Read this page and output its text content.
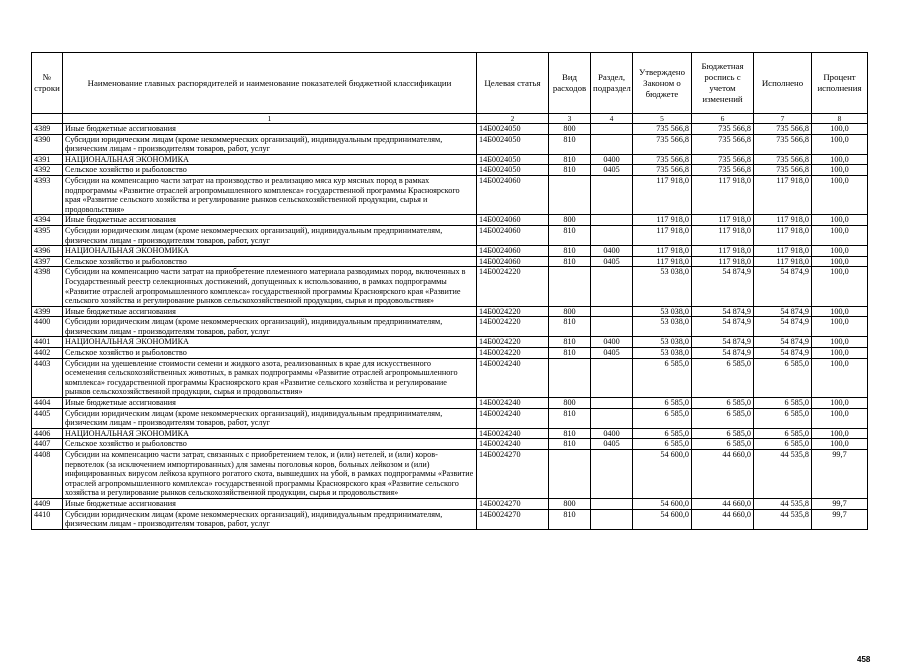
№ строки	Наименование главных распорядителей и наименование показателей бюджетной классификации	Целевая статья	Вид расходов	Раздел, подраздел	Утверждено Законом о бюджете	Бюджетная роспись с учетом изменений	Исполнено	Процент исполнения
	1	2	3	4	5	6	7	8
4389	Иные бюджетные ассигнования	14Б0024050	800		735 566,8	735 566,8	735 566,8	100,0
4390	Субсидии юридическим лицам (кроме некоммерческих организаций), индивидуальным предпринимателям, физическим лицам - производителям товаров, работ, услуг	14Б0024050	810		735 566,8	735 566,8	735 566,8	100,0
4391	НАЦИОНАЛЬНАЯ ЭКОНОМИКА	14Б0024050	810	0400	735 566,8	735 566,8	735 566,8	100,0
4392	Сельское хозяйство и рыболовство	14Б0024050	810	0405	735 566,8	735 566,8	735 566,8	100,0
4393	Субсидии на компенсацию части затрат на производство и реализацию мяса кур мясных пород в рамках подпрограммы «Развитие отраслей агропромышленного комплекса» государственной программы Красноярского края «Развитие сельского хозяйства и регулирование рынков сельскохозяйственной продукции, сырья и продовольствия»	14Б0024060			117 918,0	117 918,0	117 918,0	100,0
4394	Иные бюджетные ассигнования	14Б0024060	800		117 918,0	117 918,0	117 918,0	100,0
4395	Субсидии юридическим лицам (кроме некоммерческих организаций), индивидуальным предпринимателям, физическим лицам - производителям товаров, работ, услуг	14Б0024060	810		117 918,0	117 918,0	117 918,0	100,0
4396	НАЦИОНАЛЬНАЯ ЭКОНОМИКА	14Б0024060	810	0400	117 918,0	117 918,0	117 918,0	100,0
4397	Сельское хозяйство и рыболовство	14Б0024060	810	0405	117 918,0	117 918,0	117 918,0	100,0
4398	Субсидии на компенсацию части затрат на приобретение племенного материала разводимых пород, включенных в Государственный реестр селекционных достижений, допущенных к использованию, в рамках подпрограммы «Развитие отраслей агропромышленного комплекса» государственной программы Красноярского края «Развитие сельского хозяйства и регулирование рынков сельскохозяйственной продукции, сырья и продовольствия»	14Б0024220			53 038,0	54 874,9	54 874,9	100,0
4399	Иные бюджетные ассигнования	14Б0024220	800		53 038,0	54 874,9	54 874,9	100,0
4400	Субсидии юридическим лицам (кроме некоммерческих организаций), индивидуальным предпринимателям, физическим лицам - производителям товаров, работ, услуг	14Б0024220	810		53 038,0	54 874,9	54 874,9	100,0
4401	НАЦИОНАЛЬНАЯ ЭКОНОМИКА	14Б0024220	810	0400	53 038,0	54 874,9	54 874,9	100,0
4402	Сельское хозяйство и рыболовство	14Б0024220	810	0405	53 038,0	54 874,9	54 874,9	100,0
4403	Субсидии на удешевление стоимости семени и жидкого азота, реализованных в крае для искусственного осеменения сельскохозяйственных животных, в рамках подпрограммы «Развитие отраслей агропромышленного комплекса» государственной программы Красноярского края «Развитие сельского хозяйства и регулирование рынков сельскохозяйственной продукции, сырья и продовольствия»	14Б0024240			6 585,0	6 585,0	6 585,0	100,0
4404	Иные бюджетные ассигнования	14Б0024240	800		6 585,0	6 585,0	6 585,0	100,0
4405	Субсидии юридическим лицам (кроме некоммерческих организаций), индивидуальным предпринимателям, физическим лицам - производителям товаров, работ, услуг	14Б0024240	810		6 585,0	6 585,0	6 585,0	100,0
4406	НАЦИОНАЛЬНАЯ ЭКОНОМИКА	14Б0024240	810	0400	6 585,0	6 585,0	6 585,0	100,0
4407	Сельское хозяйство и рыболовство	14Б0024240	810	0405	6 585,0	6 585,0	6 585,0	100,0
4408	Субсидии на компенсацию части затрат, связанных с приобретением телок, и (или) нетелей, и (или) коров-первотелок (за исключением импортированных) для замены поголовья коров, больных лейкозом и (или) инфицированных вирусом лейкоза крупного рогатого скота, вывшедших на убой, в рамках подпрограммы «Развитие отраслей агропромышленного комплекса» государственной программы Красноярского края «Развитие сельского хозяйства и регулирование рынков сельскохозяйственной продукции, сырья и продовольствия»	14Б0024270			54 600,0	44 660,0	44 535,8	99,7
4409	Иные бюджетные ассигнования	14Б0024270	800		54 600,0	44 660,0	44 535,8	99,7
4410	Субсидии юридическим лицам (кроме некоммерческих организаций), индивидуальным предпринимателям, физическим лицам - производителям товаров, работ, услуг	14Б0024270	810		54 600,0	44 660,0	44 535,8	99,7
458
